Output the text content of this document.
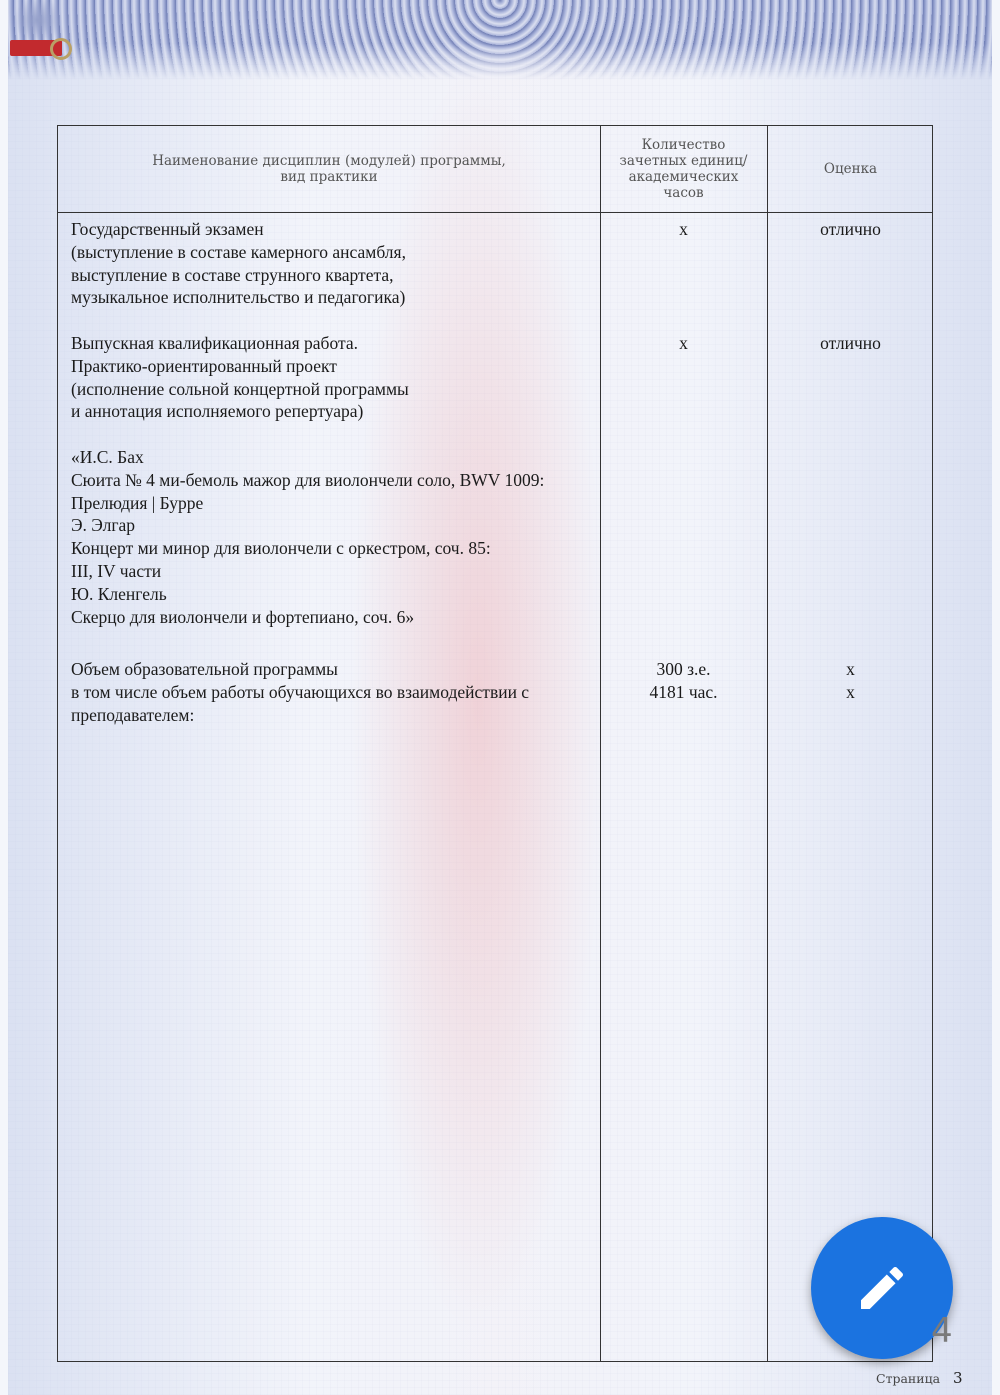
Наименование дисциплин (модулей) программы,
вид практики
Количество
зачетных единиц/
академических
часов
Оценка
Государственный экзамен
(выступление в составе камерного ансамбля,
выступление в составе струнного квартета,
музыкальное исполнительство и педагогика)
х	отлично
Выпускная квалификационная работа.
Практико-ориентированный проект
(исполнение сольной концертной программы
и аннотация исполняемого репертуара)
х	отлично
«И.С. Бах
Сюита № 4 ми-бемоль мажор для виолончели соло, BWV 1009:
Прелюдия | Бурре
Э. Элгар
Концерт ми минор для виолончели с оркестром, соч. 85:
III, IV части
Ю. Кленгель
Скерцо для виолончели и фортепиано, соч. 6»
Объем образовательной программы
в том числе объем работы обучающихся во взаимодействии с
преподавателем:
300 з.е.
4181 час.
х
х
4
Страница 3
